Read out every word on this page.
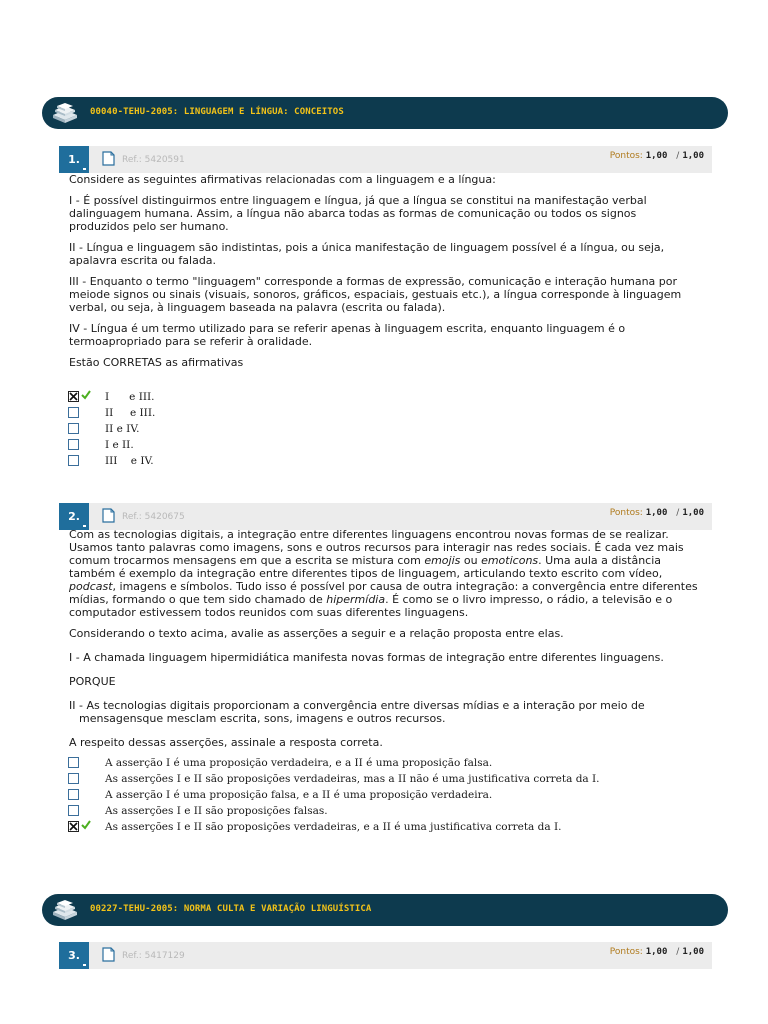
00040-TEHU-2005: LINGUAGEM E LÍNGUA: CONCEITOS
1.	Ref.: 5420591	Pontos: 1,00 / 1,00

Considere as seguintes afirmativas relacionadas com a linguagem e a língua:

I - É possível distinguirmos entre linguagem e língua, já que a língua se constitui na manifestação verbal dalinguagem humana. Assim, a língua não abarca todas as formas de comunicação ou todos os signos produzidos pelo ser humano.

II - Língua e linguagem são indistintas, pois a única manifestação de linguagem possível é a língua, ou seja, apalavra escrita ou falada.

III - Enquanto o termo "linguagem" corresponde a formas de expressão, comunicação e interação humana por meiode signos ou sinais (visuais, sonoros, gráficos, espaciais, gestuais etc.), a língua corresponde à linguagem verbal, ou seja, à linguagem baseada na palavra (escrita ou falada).

IV - Língua é um termo utilizado para se referir apenas à linguagem escrita, enquanto linguagem é o termoapropriado para se referir à oralidade.

Estão CORRETAS as afirmativas

I      e III.
II     e III.
II e IV.
I e II.
III    e IV.
2.	Ref.: 5420675	Pontos: 1,00 / 1,00

Com as tecnologias digitais, a integração entre diferentes linguagens encontrou novas formas de se realizar. Usamos tanto palavras como imagens, sons e outros recursos para interagir nas redes sociais. É cada vez mais comum trocarmos mensagens em que a escrita se mistura com emojis ou emoticons. Uma aula a distância também é exemplo da integração entre diferentes tipos de linguagem, articulando texto escrito com vídeo, podcast, imagens e símbolos. Tudo isso é possível por causa de outra integração: a convergência entre diferentes mídias, formando o que tem sido chamado de hipermídia. É como se o livro impresso, o rádio, a televisão e o computador estivessem todos reunidos com suas diferentes linguagens.

Considerando o texto acima, avalie as asserções a seguir e a relação proposta entre elas.

I - A chamada linguagem hipermidiática manifesta novas formas de integração entre diferentes linguagens.

PORQUE

II - As tecnologias digitais proporcionam a convergência entre diversas mídias e a interação por meio de mensagensque mesclam escrita, sons, imagens e outros recursos.

A respeito dessas asserções, assinale a resposta correta.

A asserção I é uma proposição verdadeira, e a II é uma proposição falsa.
As asserções I e II são proposições verdadeiras, mas a II não é uma justificativa correta da I.
A asserção I é uma proposição falsa, e a II é uma proposição verdadeira.
As asserções I e II são proposições falsas.
As asserções I e II são proposições verdadeiras, e a II é uma justificativa correta da I.
00227-TEHU-2005: NORMA CULTA E VARIAÇÃO LINGUÍSTICA
3.	Ref.: 5417129	Pontos: 1,00 / 1,00
